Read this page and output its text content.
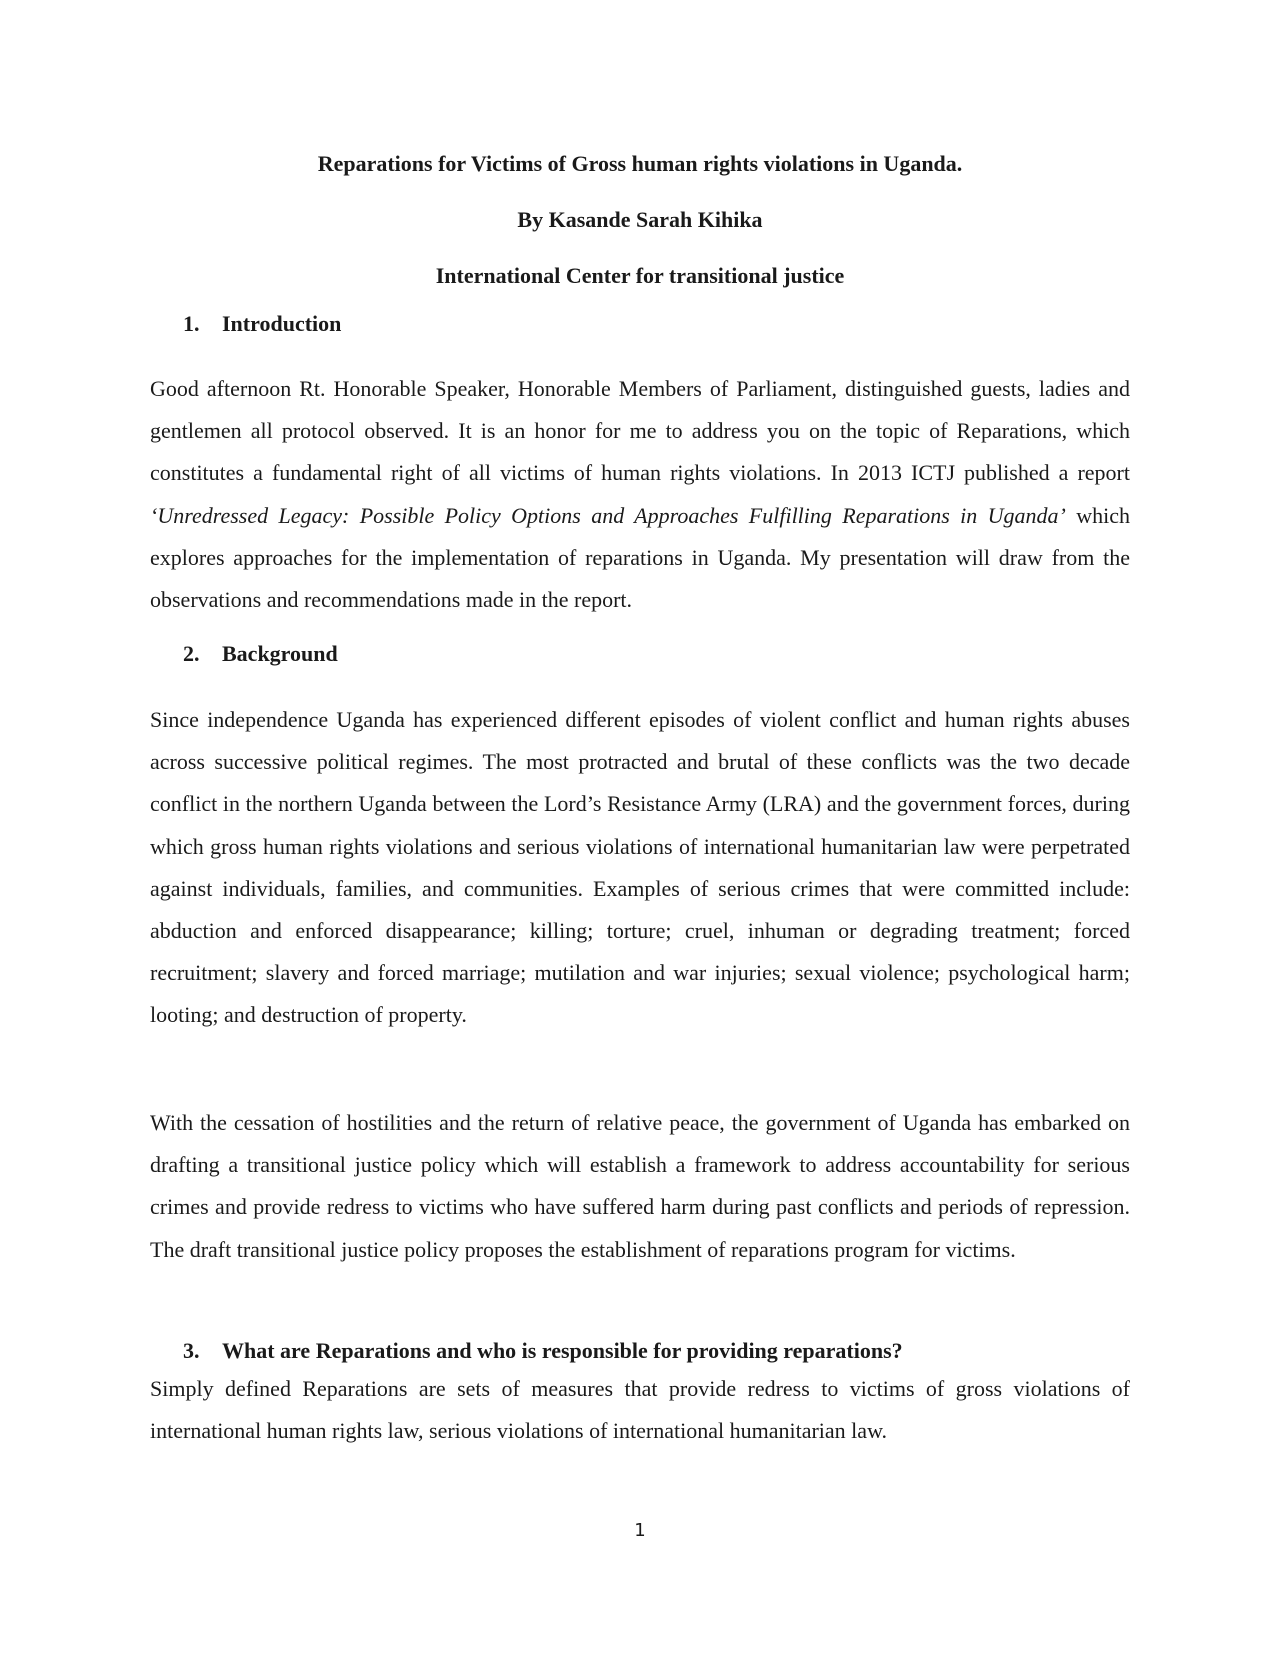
Reparations for Victims of Gross human rights violations in Uganda.
By Kasande Sarah Kihika
International Center for transitional justice
1. Introduction

Good afternoon Rt. Honorable Speaker, Honorable Members of Parliament, distinguished guests, ladies and gentlemen all protocol observed. It is an honor for me to address you on the topic of Reparations, which constitutes a fundamental right of all victims of human rights violations. In 2013 ICTJ published a report ‘Unredressed Legacy: Possible Policy Options and Approaches Fulfilling Reparations in Uganda’ which explores approaches for the implementation of reparations in Uganda. My presentation will draw from the observations and recommendations made in the report.

2. Background

Since independence Uganda has experienced different episodes of violent conflict and human rights abuses across successive political regimes. The most protracted and brutal of these conflicts was the two decade conflict in the northern Uganda between the Lord’s Resistance Army (LRA) and the government forces, during which gross human rights violations and serious violations of international humanitarian law were perpetrated against individuals, families, and communities. Examples of serious crimes that were committed include: abduction and enforced disappearance; killing; torture; cruel, inhuman or degrading treatment; forced recruitment; slavery and forced marriage; mutilation and war injuries; sexual violence; psychological harm; looting; and destruction of property.

With the cessation of hostilities and the return of relative peace, the government of Uganda has embarked on drafting a transitional justice policy which will establish a framework to address accountability for serious crimes and provide redress to victims who have suffered harm during past conflicts and periods of repression. The draft transitional justice policy proposes the establishment of reparations program for victims.

3. What are Reparations and who is responsible for providing reparations?

Simply defined Reparations are sets of measures that provide redress to victims of gross violations of international human rights law, serious violations of international humanitarian law.

1
